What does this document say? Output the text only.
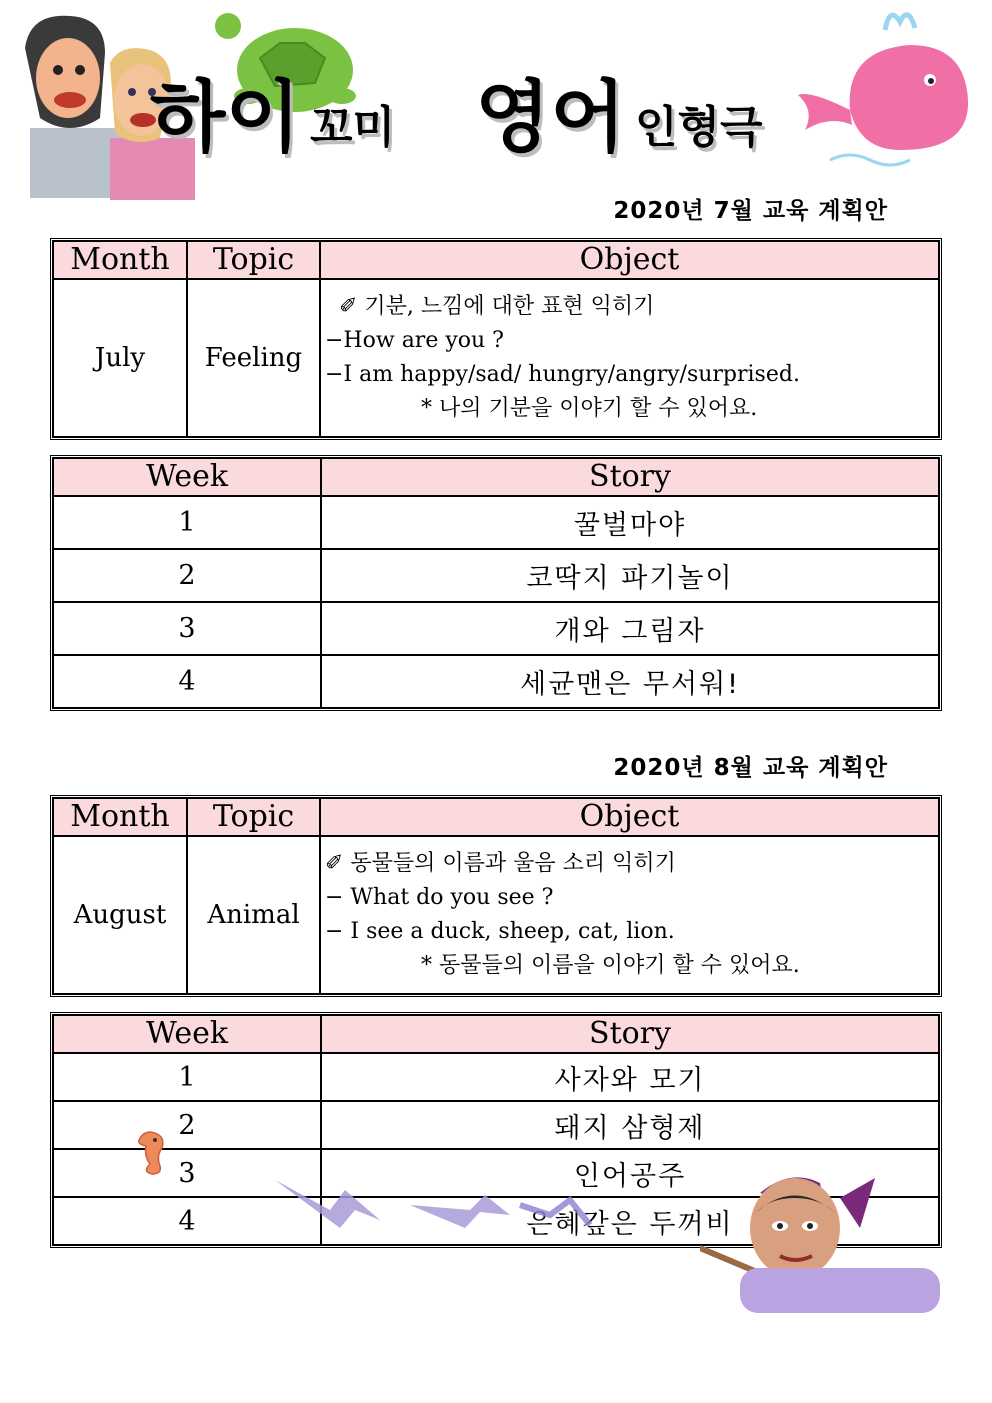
하이 꼬미 영어 인형극
2020년 7월 교육 계획안
Month	Topic	Object
July	Feeling	✐ 기분, 느낌에 대한 표현 익히기
−How are you ?
−I am happy/sad/ hungry/angry/surprised.
* 나의 기분을 이야기 할 수 있어요.
Week	Story
1	꿀벌마야
2	코딱지 파기놀이
3	개와 그림자
4	세균맨은 무서워!
2020년 8월 교육 계획안
Month	Topic	Object
August	Animal	✐ 동물들의 이름과 울음 소리 익히기
− What do you see ?
− I see a duck, sheep, cat, lion.
* 동물들의 이름을 이야기 할 수 있어요.
Week	Story
1	사자와 모기
2	돼지 삼형제
3	인어공주
4	은혜갚은 두꺼비
